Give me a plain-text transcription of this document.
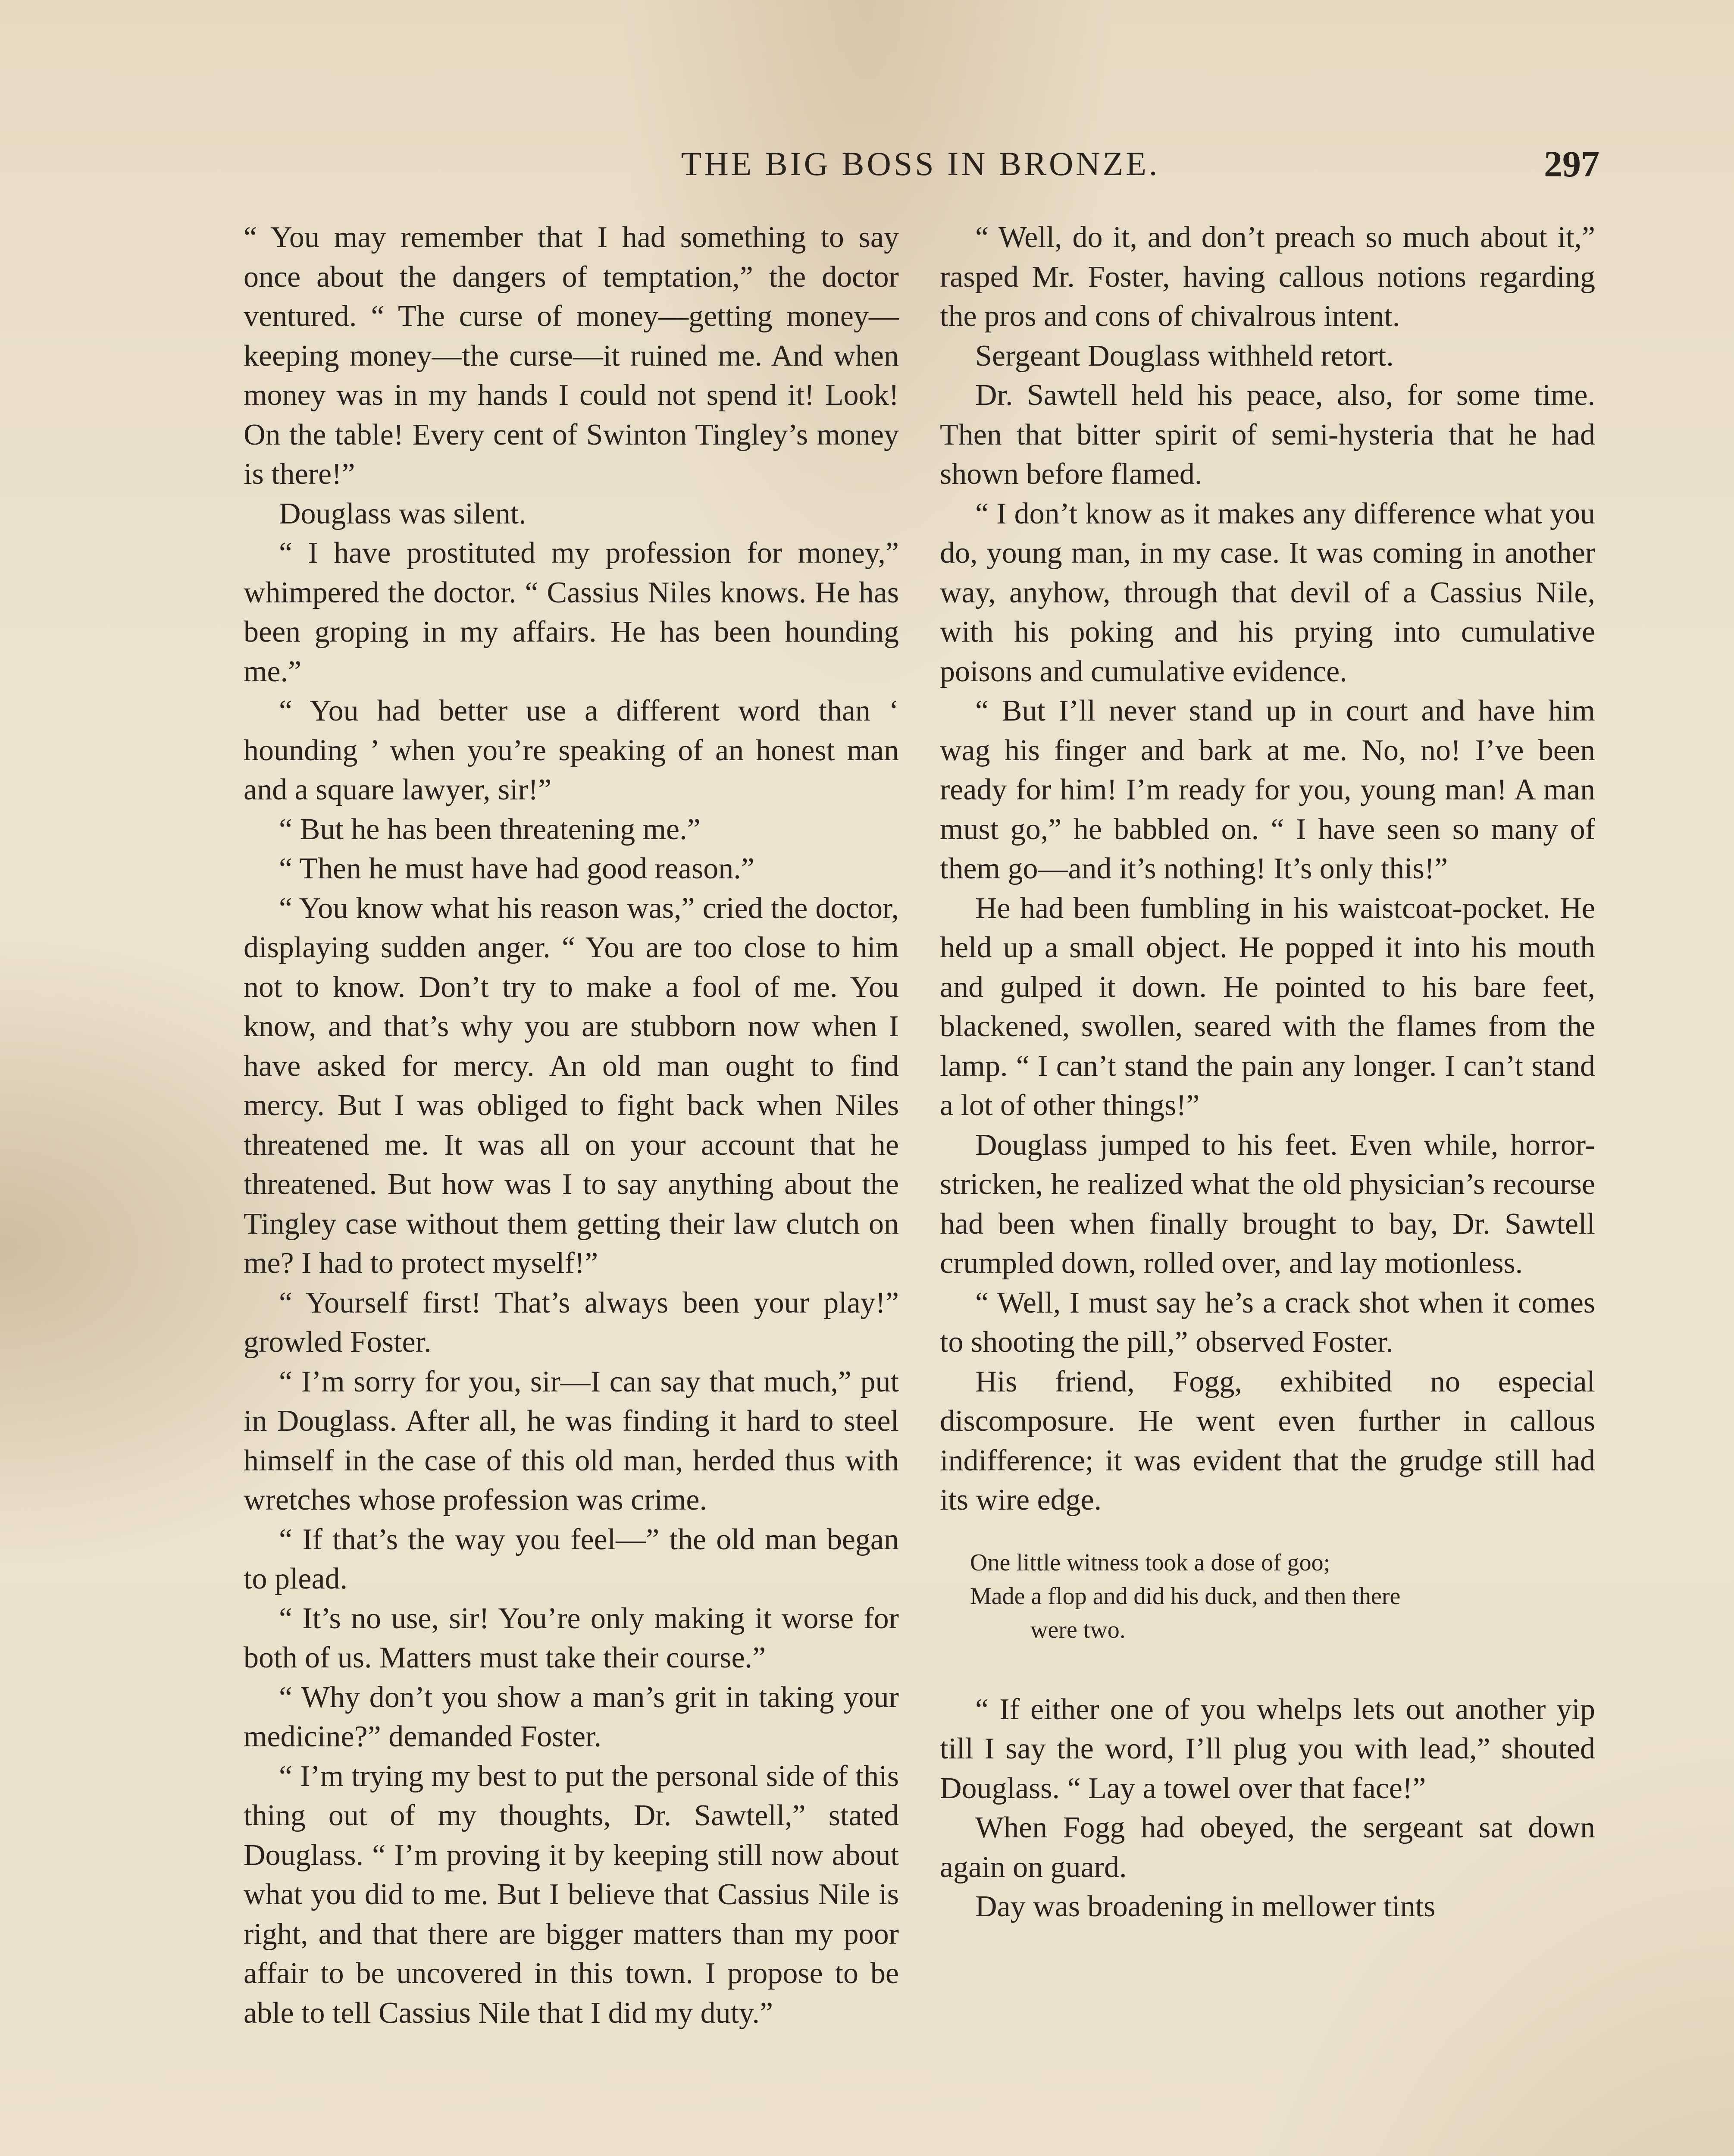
THE BIG BOSS IN BRONZE.	297

“ You may remember that I had something to say once about the dangers of temptation,” the doctor ventured. “ The curse of money—getting money—keeping money—the curse—it ruined me. And when money was in my hands I could not spend it! Look! On the table! Every cent of Swinton Tingley’s money is there!”

Douglass was silent.

“ I have prostituted my profession for money,” whimpered the doctor. “ Cassius Niles knows. He has been groping in my affairs. He has been hounding me.”

“ You had better use a different word than ‘ hounding ’ when you’re speaking of an honest man and a square lawyer, sir!”

“ But he has been threatening me.”

“ Then he must have had good reason.”

“ You know what his reason was,” cried the doctor, displaying sudden anger. “ You are too close to him not to know. Don’t try to make a fool of me. You know, and that’s why you are stubborn now when I have asked for mercy. An old man ought to find mercy. But I was obliged to fight back when Niles threatened me. It was all on your account that he threatened. But how was I to say anything about the Tingley case without them getting their law clutch on me? I had to protect myself!”

“ Yourself first! That’s always been your play!” growled Foster.

“ I’m sorry for you, sir—I can say that much,” put in Douglass. After all, he was finding it hard to steel himself in the case of this old man, herded thus with wretches whose profession was crime.

“ If that’s the way you feel—” the old man began to plead.

“ It’s no use, sir! You’re only making it worse for both of us. Matters must take their course.”

“ Why don’t you show a man’s grit in taking your medicine?” demanded Foster.

“ I’m trying my best to put the personal side of this thing out of my thoughts, Dr. Sawtell,” stated Douglass. “ I’m proving it by keeping still now about what you did to me. But I believe that Cassius Nile is right, and that there are bigger matters than my poor affair to be uncovered in this town. I propose to be able to tell Cassius Nile that I did my duty.”

“ Well, do it, and don’t preach so much about it,” rasped Mr. Foster, having callous notions regarding the pros and cons of chivalrous intent.

Sergeant Douglass withheld retort.

Dr. Sawtell held his peace, also, for some time. Then that bitter spirit of semi-hysteria that he had shown before flamed.

“ I don’t know as it makes any difference what you do, young man, in my case. It was coming in another way, anyhow, through that devil of a Cassius Nile, with his poking and his prying into cumulative poisons and cumulative evidence.

“ But I’ll never stand up in court and have him wag his finger and bark at me. No, no! I’ve been ready for him! I’m ready for you, young man! A man must go,” he babbled on. “ I have seen so many of them go—and it’s nothing! It’s only this!”

He had been fumbling in his waistcoat-pocket. He held up a small object. He popped it into his mouth and gulped it down. He pointed to his bare feet, blackened, swollen, seared with the flames from the lamp. “ I can’t stand the pain any longer. I can’t stand a lot of other things!”

Douglass jumped to his feet. Even while, horror-stricken, he realized what the old physician’s recourse had been when finally brought to bay, Dr. Sawtell crumpled down, rolled over, and lay motionless.

“ Well, I must say he’s a crack shot when it comes to shooting the pill,” observed Foster.

His friend, Fogg, exhibited no especial discomposure. He went even further in callous indifference; it was evident that the grudge still had its wire edge.

One little witness took a dose of goo;
Made a flop and did his duck, and then there
were two.

“ If either one of you whelps lets out another yip till I say the word, I’ll plug you with lead,” shouted Douglass. “ Lay a towel over that face!”

When Fogg had obeyed, the sergeant sat down again on guard.

Day was broadening in mellower tints
